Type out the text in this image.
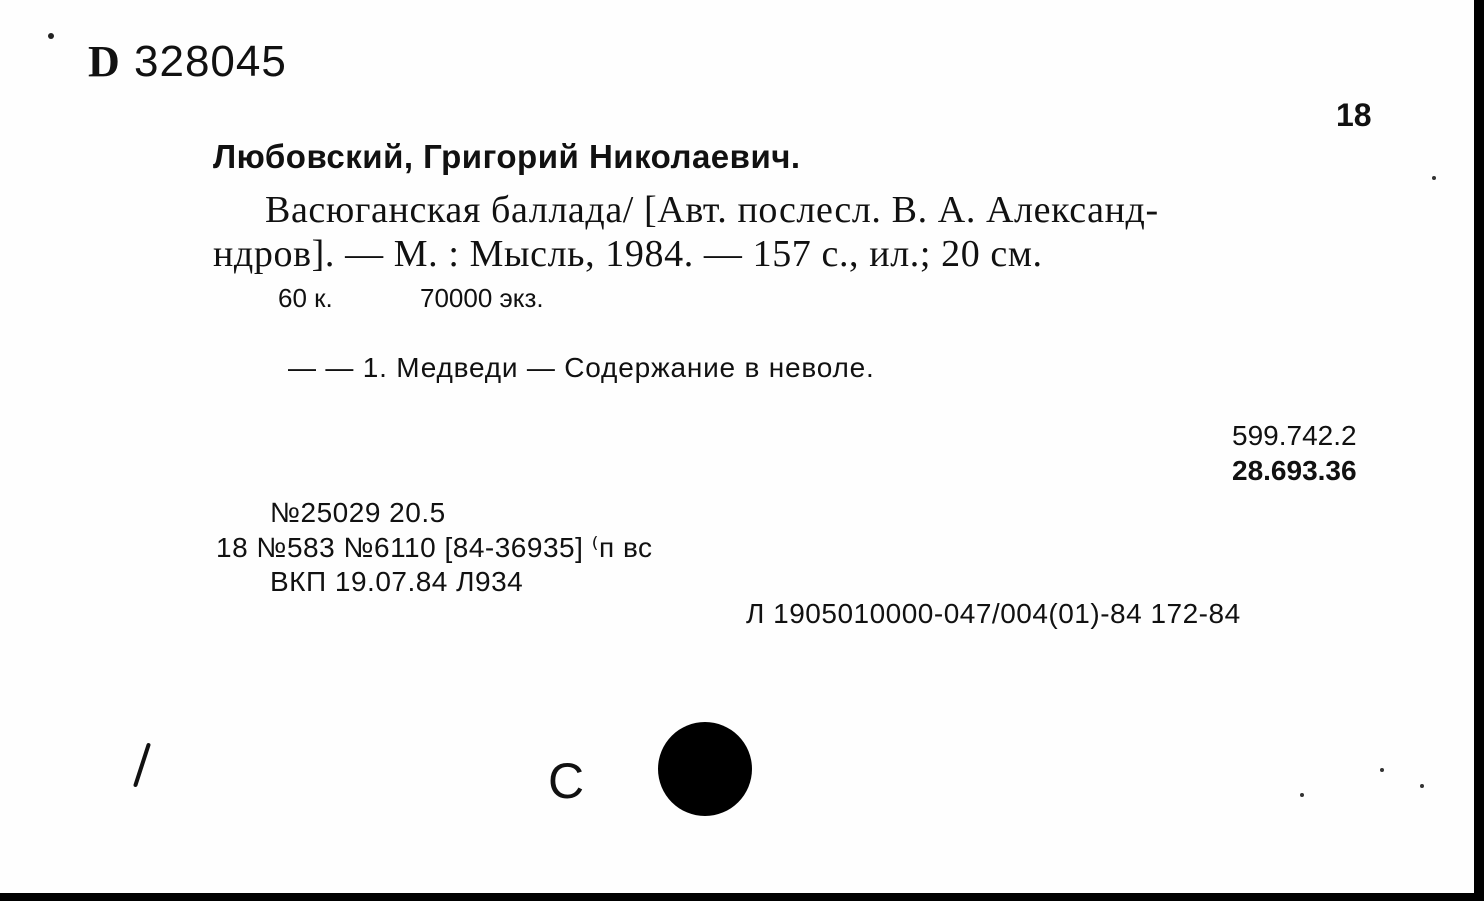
D 328045
18
Любовский, Григорий Николаевич.
Васюганская баллада/ [Авт. послесл. В. А. Александ-
ндров]. — М. : Мысль, 1984. — 157 с., ил.; 20 см.
60 к.	70000 экз.
— — 1. Медведи — Содержание в неволе.
599.742.2
28.693.36
№25029 20.5
18 №583 №6110 [84-36935] ⁽п вс
ВКП 19.07.84 Л934
Л 1905010000-047/004(01)-84 172-84
С
